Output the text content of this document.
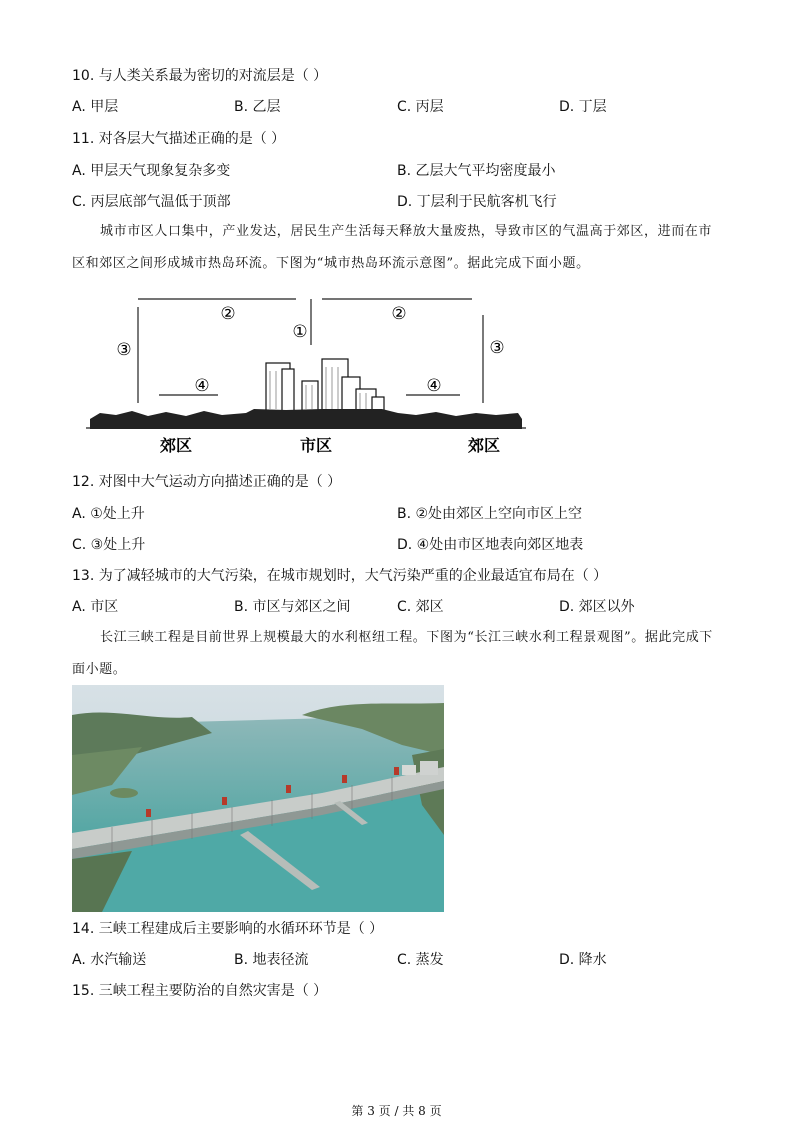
10. 与人类关系最为密切的对流层是（ ）
A. 甲层	B. 乙层	C. 丙层	D. 丁层
11. 对各层大气描述正确的是（ ）
A. 甲层天气现象复杂多变	B. 乙层大气平均密度最小
C. 丙层底部气温低于顶部	D. 丁层利于民航客机飞行

城市市区人口集中，产业发达，居民生产生活每天释放大量废热，导致市区的气温高于郊区，进而在市区和郊区之间形成城市热岛环流。下图为“城市热岛环流示意图”。据此完成下面小题。

②
①
②
③	③
④	④
郊区	市区	郊区
12. 对图中大气运动方向描述正确的是（ ）
A. ①处上升	B. ②处由郊区上空向市区上空
C. ③处上升	D. ④处由市区地表向郊区地表
13. 为了减轻城市的大气污染，在城市规划时，大气污染严重的企业最适宜布局在（ ）
A. 市区	B. 市区与郊区之间	C. 郊区	D. 郊区以外

长江三峡工程是目前世界上规模最大的水利枢纽工程。下图为“长江三峡水利工程景观图”。据此完成下面小题。

14. 三峡工程建成后主要影响的水循环环节是（ ）
A. 水汽输送	B. 地表径流	C. 蒸发	D. 降水
15. 三峡工程主要防治的自然灾害是（ ）
第 3 页 / 共 8 页
